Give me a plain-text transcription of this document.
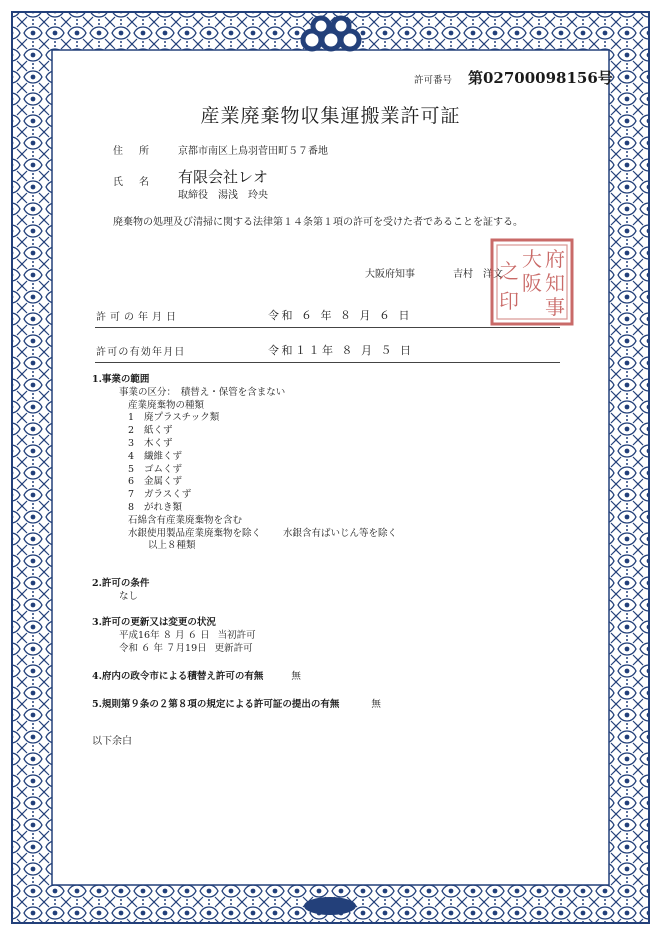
許可番号 第02700098156号
産業廃棄物収集運搬業許可証
住　所	京都市南区上鳥羽菅田町５７番地
氏　名 有限会社レオ
取締役　湯浅　玲央
廃棄物の処理及び清掃に関する法律第１４条第１項の許可を受けた者であることを証する。
大阪府知事	吉村　洋文
府
知
事
大
阪
之
印
許可の年月日	令和 ６ 年 ８ 月 ６ 日
許可の有効年月日	令和１１年 ８ 月 ５ 日
1.事業の範囲
事業の区分：　積替え・保管を含まない
産業廃棄物の種類
1 廃プラスチック類
2 紙くず
3 木くず
4 繊維くず
5 ゴムくず
6 金属くず
7 ガラスくず
8 がれき類
石綿含有産業廃棄物を含む
水銀使用製品産業廃棄物を除く 水銀含有ばいじん等を除く
以上８種類
2.許可の条件
なし
3.許可の更新又は変更の状況
平成16年 ８ 月 ６ 日 当初許可
令和 ６ 年 ７月19日 更新許可
4.府内の政令市による積替え許可の有無	無
5.規則第９条の２第８項の規定による許可証の提出の有無	無
以下余白
